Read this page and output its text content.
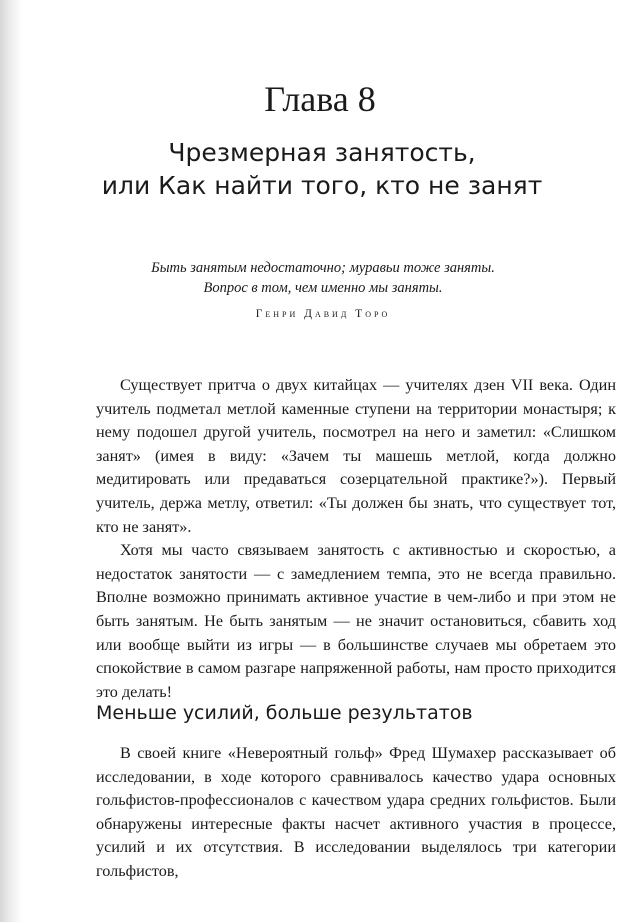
Глава 8
Чрезмерная занятость,
или Как найти того, кто не занят
Быть занятым недостаточно; муравьи тоже заняты.
Вопрос в том, чем именно мы заняты.
Генри Давид Торо

Существует притча о двух китайцах — учителях дзен VII века. Один учитель подметал метлой каменные ступени на территории монастыря; к нему подошел другой учитель, посмотрел на него и заметил: «Слишком занят» (имея в виду: «Зачем ты машешь метлой, когда должно медитировать или предаваться созерцательной практике?»). Первый учитель, держа метлу, ответил: «Ты должен бы знать, что существует тот, кто не занят».

Хотя мы часто связываем занятость с активностью и скоростью, а недостаток занятости — с замедлением темпа, это не всегда правильно. Вполне возможно принимать активное участие в чем-либо и при этом не быть занятым. Не быть занятым — не значит остановиться, сбавить ход или вообще выйти из игры — в большинстве случаев мы обретаем это спокойствие в самом разгаре напряженной работы, нам просто приходится это делать!

Меньше усилий, больше результатов

В своей книге «Невероятный гольф» Фред Шумахер рассказывает об исследовании, в ходе которого сравнивалось качество удара основных гольфистов-профессионалов с качеством удара средних гольфистов. Были обнаружены интересные факты насчет активного участия в процессе, усилий и их отсутствия. В исследовании выделялось три категории гольфистов,
